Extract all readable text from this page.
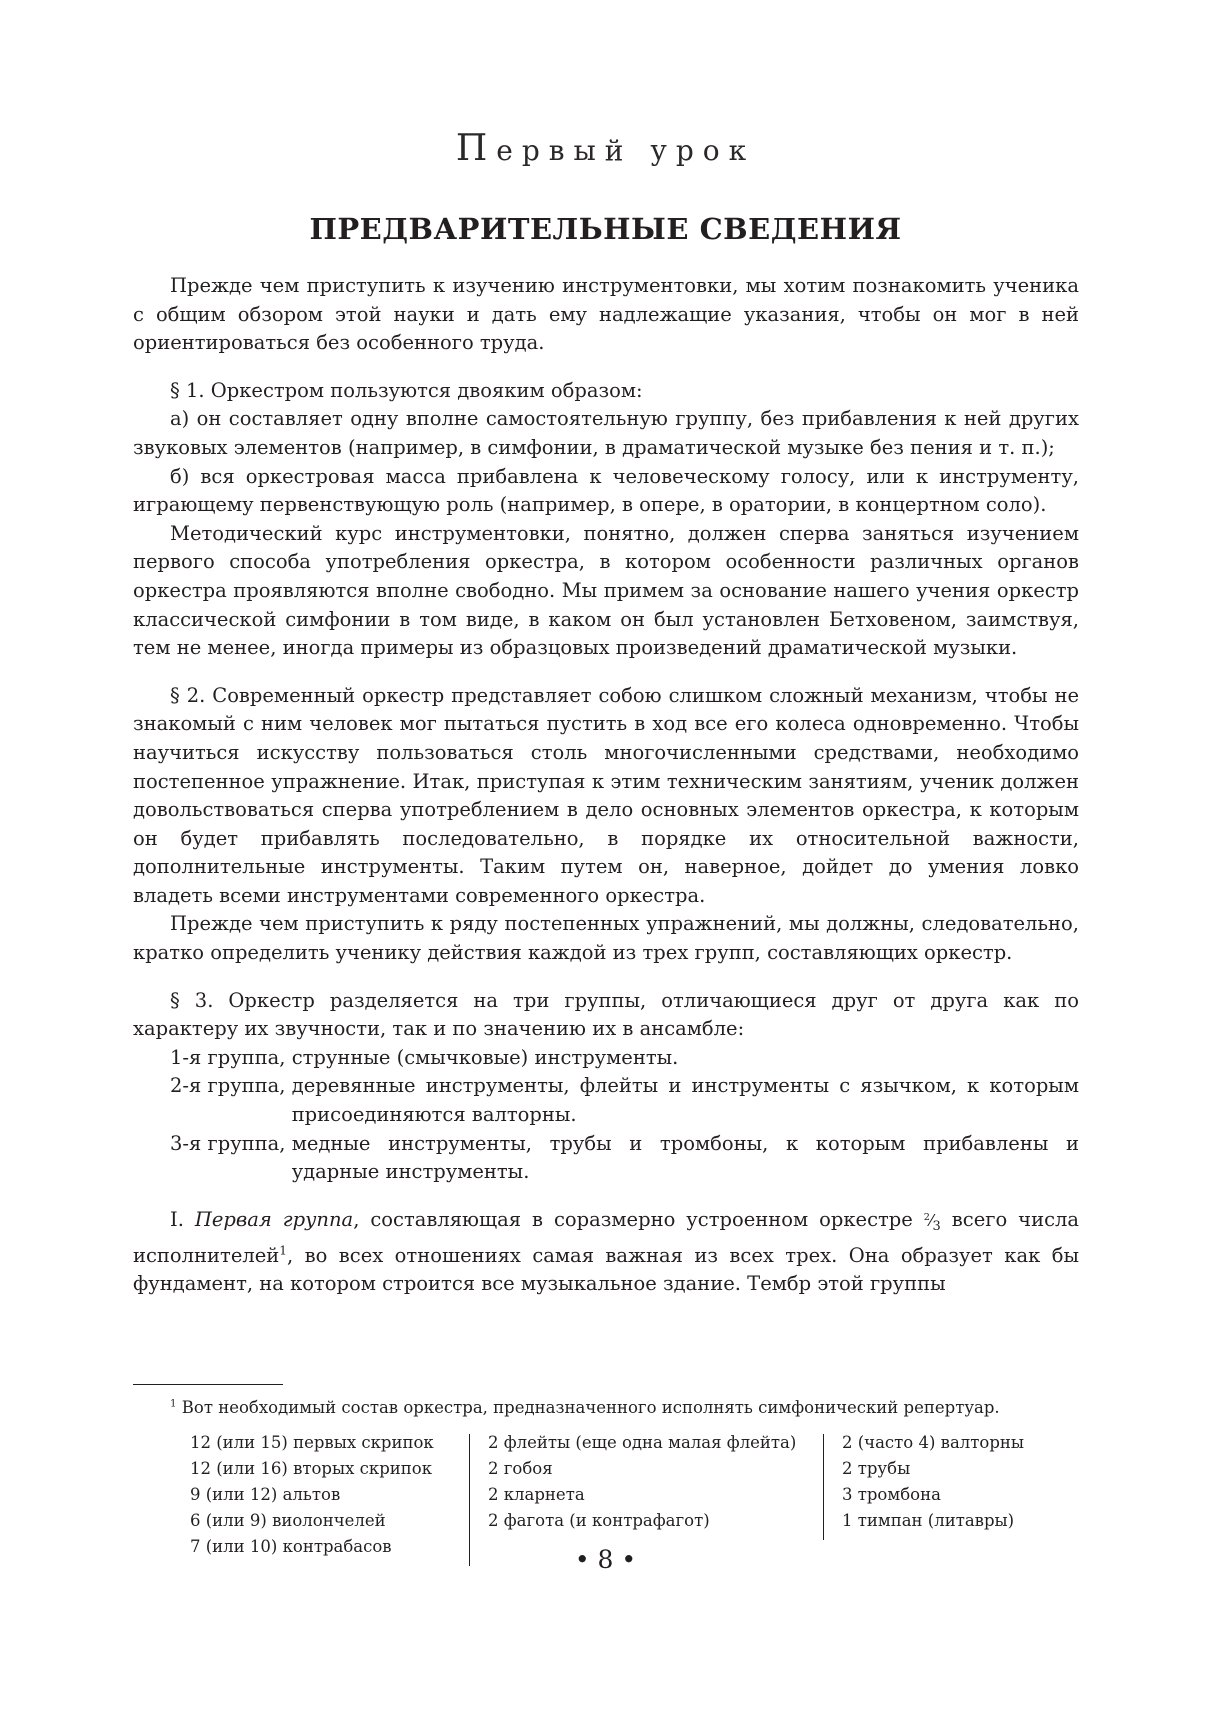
Первый урок
ПРЕДВАРИТЕЛЬНЫЕ СВЕДЕНИЯ

Прежде чем приступить к изучению инструментовки, мы хотим познакомить ученика с общим обзором этой науки и дать ему надлежащие указания, чтобы он мог в ней ориентироваться без особенного труда.

§ 1. Оркестром пользуются двояким образом:

а) он составляет одну вполне самостоятельную группу, без прибавления к ней других звуковых элементов (например, в симфонии, в драматической музыке без пения и т. п.);

б) вся оркестровая масса прибавлена к человеческому голосу, или к инструменту, играющему первенствующую роль (например, в опере, в оратории, в концертном соло).

Методический курс инструментовки, понятно, должен сперва заняться изучением первого способа употребления оркестра, в котором особенности различных органов оркестра проявляются вполне свободно. Мы примем за основание нашего учения оркестр классической симфонии в том виде, в каком он был установлен Бетховеном, заимствуя, тем не менее, иногда примеры из образцовых произведений драматической музыки.

§ 2. Современный оркестр представляет собою слишком сложный механизм, чтобы не знакомый с ним человек мог пытаться пустить в ход все его колеса одновременно. Чтобы научиться искусству пользоваться столь многочисленными средствами, необходимо постепенное упражнение. Итак, приступая к этим техническим занятиям, ученик должен довольствоваться сперва употреблением в дело основных элементов оркестра, к которым он будет прибавлять последовательно, в порядке их относительной важности, дополнительные инструменты. Таким путем он, наверное, дойдет до умения ловко владеть всеми инструментами современного оркестра.

Прежде чем приступить к ряду постепенных упражнений, мы должны, следовательно, кратко определить ученику действия каждой из трех групп, составляющих оркестр.

§ 3. Оркестр разделяется на три группы, отличающиеся друг от друга как по характеру их звучности, так и по значению их в ансамбле:

1-я группа, струнные (смычковые) инструменты.
2-я группа, деревянные инструменты, флейты и инструменты с язычком, к которым присоединяются валторны.
3-я группа, медные инструменты, трубы и тромбоны, к которым прибавлены и ударные инструменты.

I. Первая группа, составляющая в соразмерно устроенном оркестре $^2⁄_3$ всего числа исполнителей$^1$, во всех отношениях самая важная из всех трех. Она образует как бы фундамент, на котором строится все музыкальное здание. Тембр этой группы

$^1$ Вот необходимый состав оркестра, предназначенного исполнять симфонический репертуар.
12 (или 15) первых скрипок
12 (или 16) вторых скрипок
9 (или 12) альтов
6 (или 9) виолончелей
7 (или 10) контрабасов
2 флейты (еще одна малая флейта)
2 гобоя
2 кларнета
2 фагота (и контрафагот)
2 (часто 4) валторны
2 трубы
3 тромбона
1 тимпан (литавры)
• 8 •
